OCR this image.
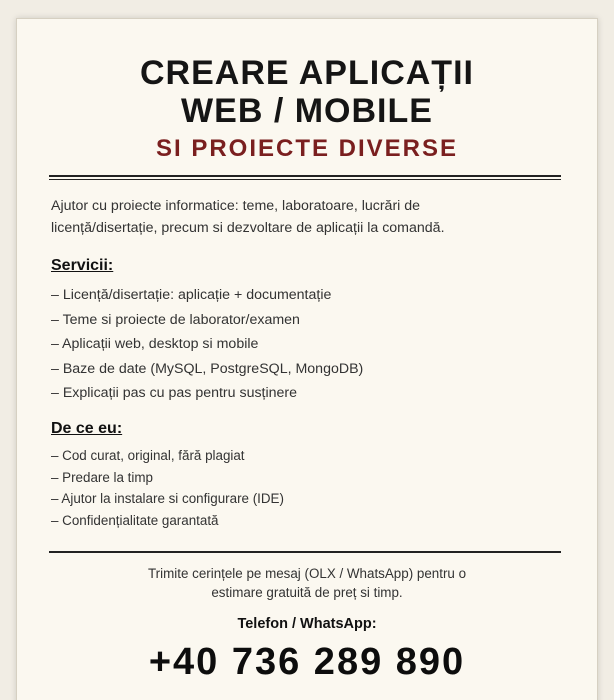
CREARE APLICAȚII
WEB / MOBILE
SI PROIECTE DIVERSE
Ajutor cu proiecte informatice: teme, laboratoare, lucrări de
licență/disertație, precum si dezvoltare de aplicații la comandă.
Servicii:
– Licență/disertație: aplicație + documentație
– Teme si proiecte de laborator/examen
– Aplicații web, desktop si mobile
– Baze de date (MySQL, PostgreSQL, MongoDB)
– Explicații pas cu pas pentru susținere
De ce eu:
– Cod curat, original, fără plagiat
– Predare la timp
– Ajutor la instalare si configurare (IDE)
– Confidențialitate garantată
Trimite cerințele pe mesaj (OLX / WhatsApp) pentru o
estimare gratuită de preț si timp.
Telefon / WhatsApp:
+40 736 289 890
